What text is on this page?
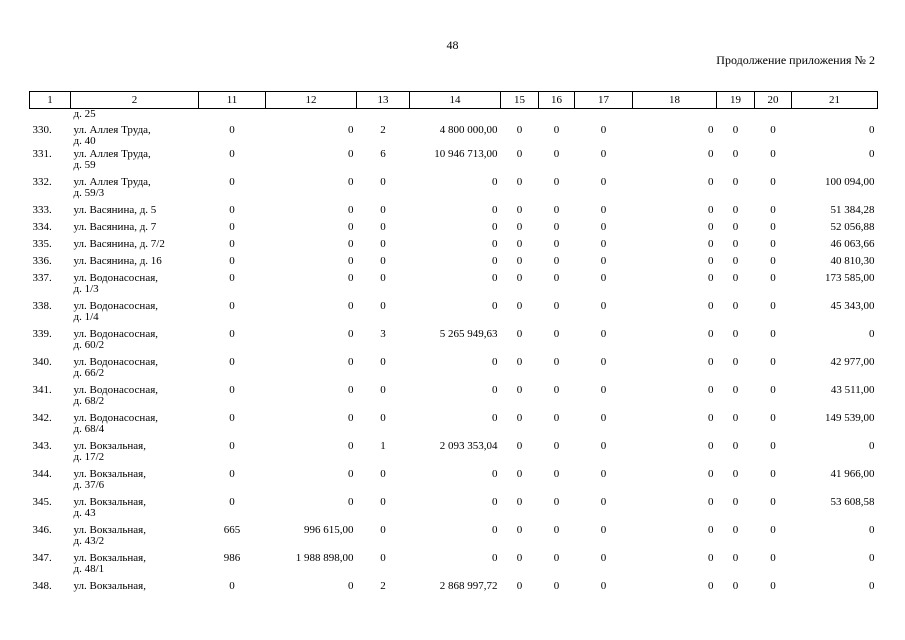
48
Продолжение приложения № 2
1	2	11	12	13	14	15	16	17	18	19	20	21
	д. 25											
330.	ул. Аллея Труда,
д. 40	0	0	2	4 800 000,00	0	0	0	0	0	0	0
331.	ул. Аллея Труда,
д. 59	0	0	6	10 946 713,00	0	0	0	0	0	0	0
332.	ул. Аллея Труда,
д. 59/3	0	0	0	0	0	0	0	0	0	0	100 094,00
333.	ул. Васянина, д. 5	0	0	0	0	0	0	0	0	0	0	51 384,28
334.	ул. Васянина, д. 7	0	0	0	0	0	0	0	0	0	0	52 056,88
335.	ул. Васянина, д. 7/2	0	0	0	0	0	0	0	0	0	0	46 063,66
336.	ул. Васянина, д. 16	0	0	0	0	0	0	0	0	0	0	40 810,30
337.	ул. Водонасосная,
д. 1/3	0	0	0	0	0	0	0	0	0	0	173 585,00
338.	ул. Водонасосная,
д. 1/4	0	0	0	0	0	0	0	0	0	0	45 343,00
339.	ул. Водонасосная,
д. 60/2	0	0	3	5 265 949,63	0	0	0	0	0	0	0
340.	ул. Водонасосная,
д. 66/2	0	0	0	0	0	0	0	0	0	0	42 977,00
341.	ул. Водонасосная,
д. 68/2	0	0	0	0	0	0	0	0	0	0	43 511,00
342.	ул. Водонасосная,
д. 68/4	0	0	0	0	0	0	0	0	0	0	149 539,00
343.	ул. Вокзальная,
д. 17/2	0	0	1	2 093 353,04	0	0	0	0	0	0	0
344.	ул. Вокзальная,
д. 37/6	0	0	0	0	0	0	0	0	0	0	41 966,00
345.	ул. Вокзальная,
д. 43	0	0	0	0	0	0	0	0	0	0	53 608,58
346.	ул. Вокзальная,
д. 43/2	665	996 615,00	0	0	0	0	0	0	0	0	0
347.	ул. Вокзальная,
д. 48/1	986	1 988 898,00	0	0	0	0	0	0	0	0	0
348.	ул. Вокзальная,	0	0	2	2 868 997,72	0	0	0	0	0	0	0
